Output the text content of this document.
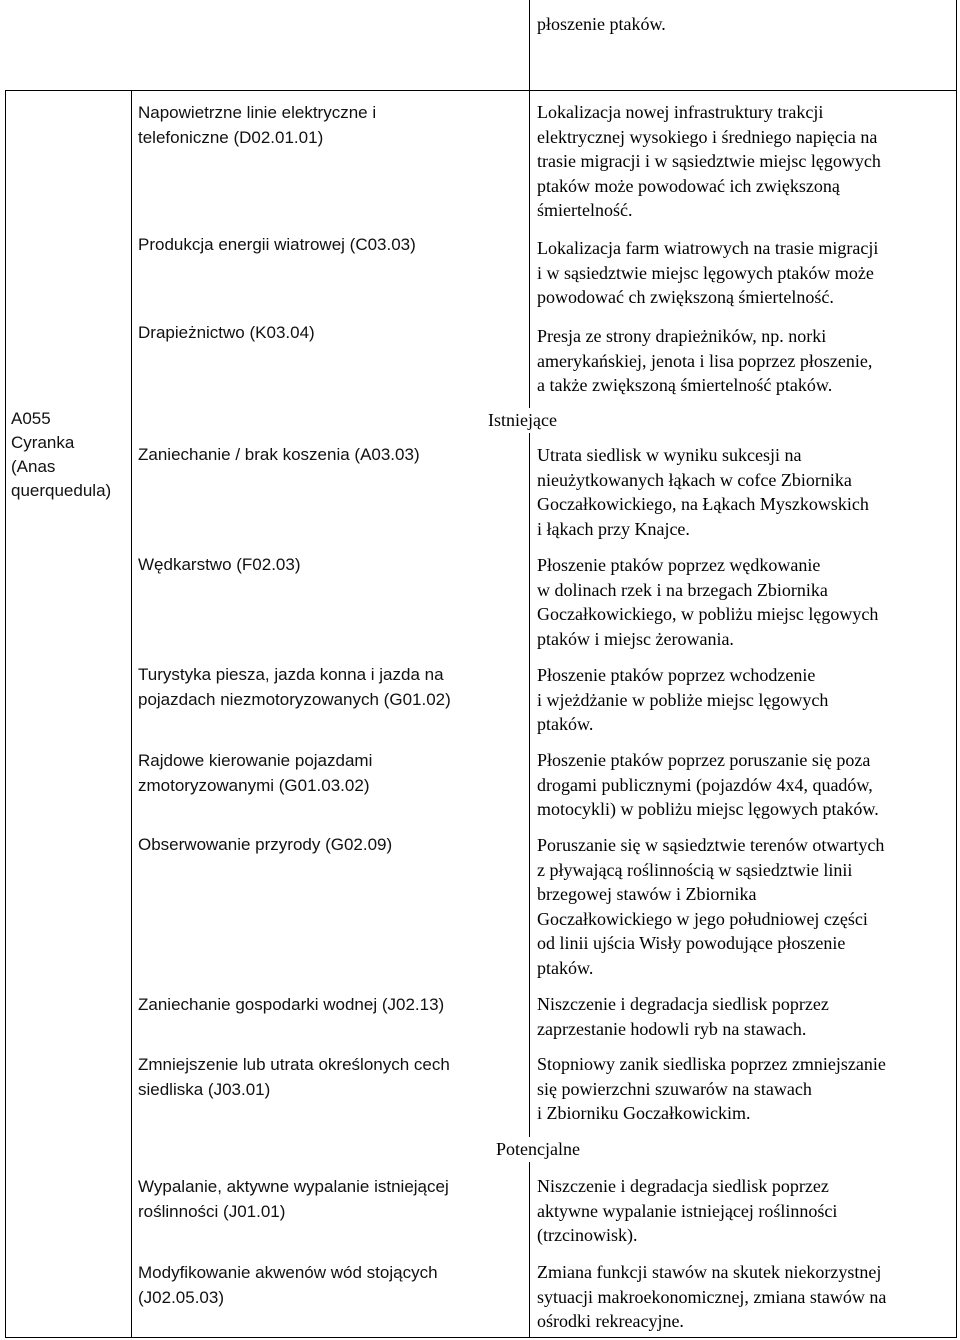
płoszenie ptaków.
A055
Cyranka
(Anas
querquedula)
Istniejące
Potencjalne
Napowietrzne linie elektryczne i
telefoniczne (D02.01.01)
Produkcja energii wiatrowej (C03.03)
Drapieżnictwo (K03.04)
Zaniechanie / brak koszenia (A03.03)
Wędkarstwo (F02.03)
Turystyka piesza, jazda konna i jazda na
pojazdach niezmotoryzowanych (G01.02)
Rajdowe kierowanie pojazdami
zmotoryzowanymi (G01.03.02)
Obserwowanie przyrody (G02.09)
Zaniechanie gospodarki wodnej (J02.13)
Zmniejszenie lub utrata określonych cech
siedliska (J03.01)
Wypalanie, aktywne wypalanie istniejącej
roślinności (J01.01)
Modyfikowanie akwenów wód stojących
(J02.05.03)
Lokalizacja nowej infrastruktury trakcji
elektrycznej wysokiego i średniego napięcia na
trasie migracji i w sąsiedztwie miejsc lęgowych
ptaków może powodować ich zwiększoną
śmiertelność.
Lokalizacja farm wiatrowych na trasie migracji
i w sąsiedztwie miejsc lęgowych ptaków może
powodować ch zwiększoną śmiertelność.
Presja ze strony drapieżników, np. norki
amerykańskiej, jenota i lisa poprzez płoszenie,
a także zwiększoną śmiertelność ptaków.
Utrata siedlisk w wyniku sukcesji na
nieużytkowanych łąkach w cofce Zbiornika
Goczałkowickiego, na Łąkach Myszkowskich
i łąkach przy Knajce.
Płoszenie ptaków poprzez wędkowanie
w dolinach rzek i na brzegach Zbiornika
Goczałkowickiego, w pobliżu miejsc lęgowych
ptaków i miejsc żerowania.
Płoszenie ptaków poprzez wchodzenie
i wjeżdżanie w pobliże miejsc lęgowych
ptaków.
Płoszenie ptaków poprzez poruszanie się poza
drogami publicznymi (pojazdów 4x4, quadów,
motocykli) w pobliżu miejsc lęgowych ptaków.
Poruszanie się w sąsiedztwie terenów otwartych
z pływającą roślinnością w sąsiedztwie linii
brzegowej stawów i Zbiornika
Goczałkowickiego w jego południowej części
od linii ujścia Wisły powodujące płoszenie
ptaków.
Niszczenie i degradacja siedlisk poprzez
zaprzestanie hodowli ryb na stawach.
Stopniowy zanik siedliska poprzez zmniejszanie
się powierzchni szuwarów na stawach
i Zbiorniku Goczałkowickim.
Niszczenie i degradacja siedlisk poprzez
aktywne wypalanie istniejącej roślinności
(trzcinowisk).
Zmiana funkcji stawów na skutek niekorzystnej
sytuacji makroekonomicznej, zmiana stawów na
ośrodki rekreacyjne.
